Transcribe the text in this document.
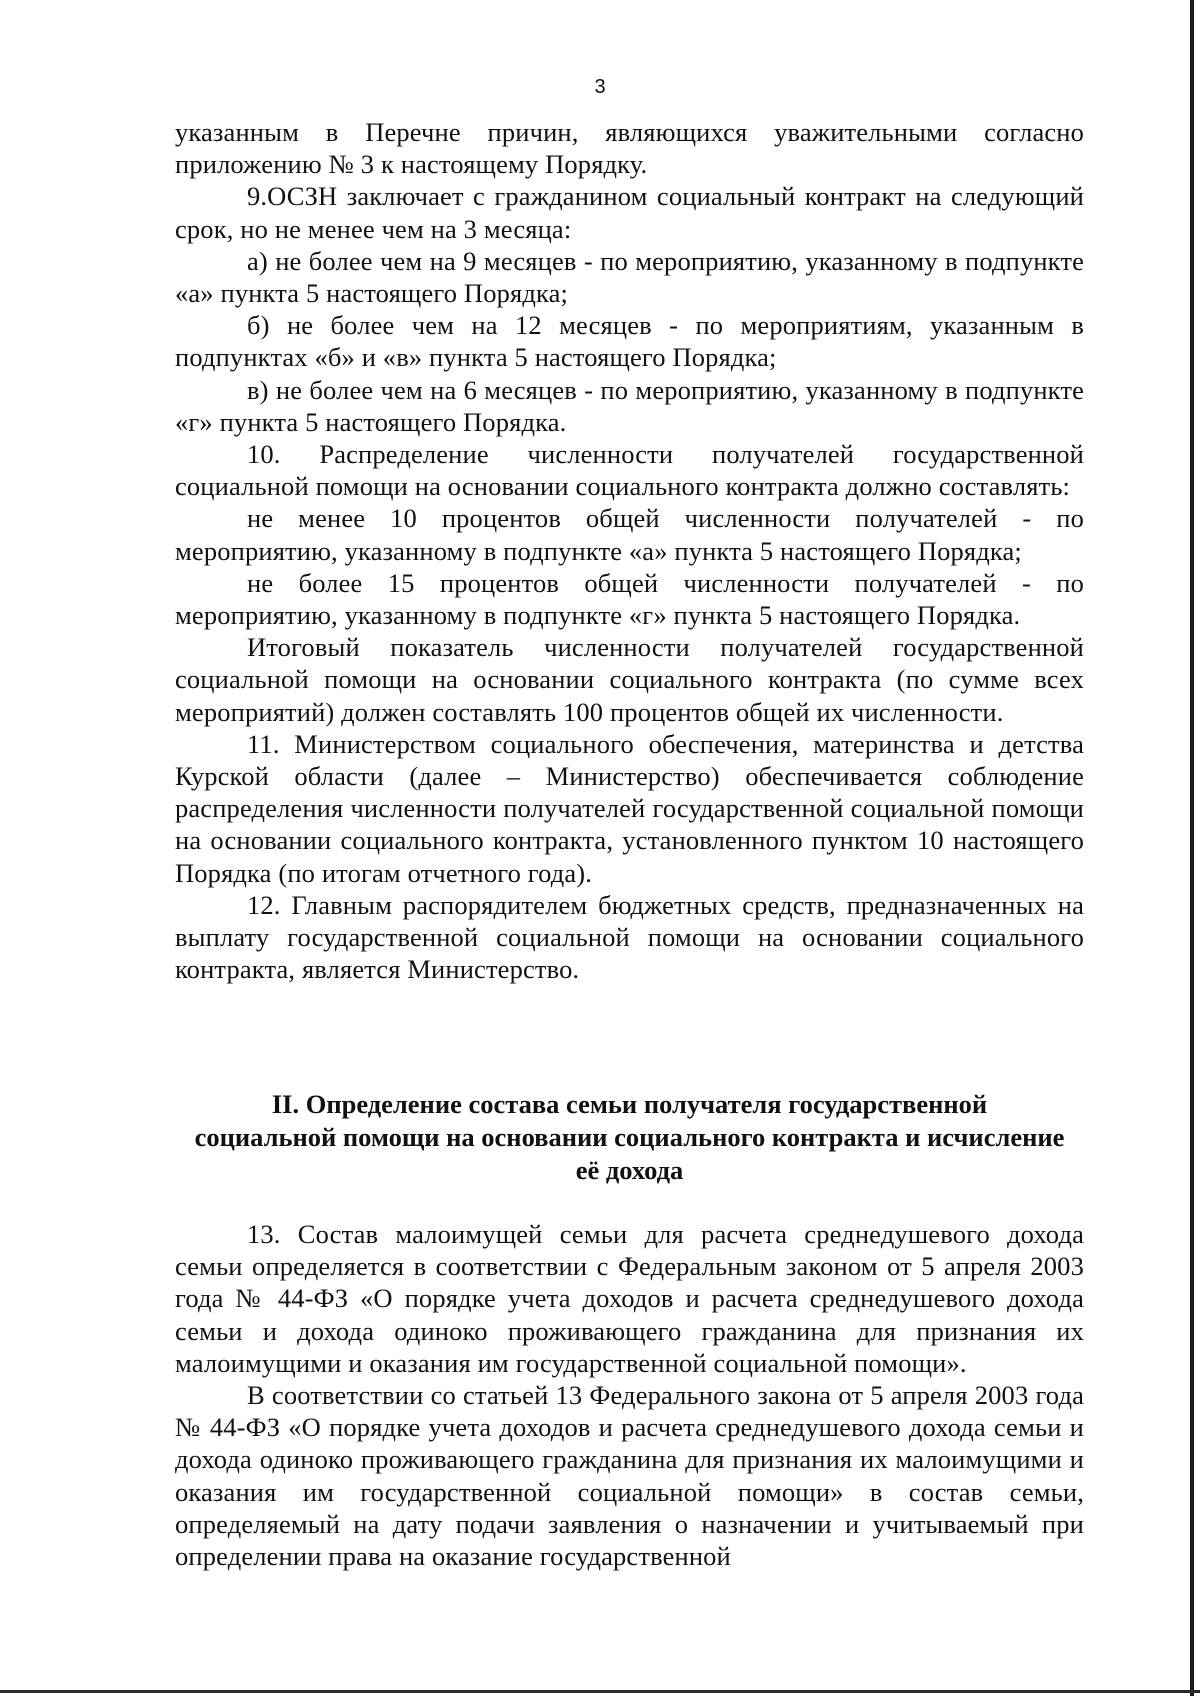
3

указанным в Перечне причин, являющихся уважительными согласно приложению № 3 к настоящему Порядку.

9.ОСЗН заключает с гражданином социальный контракт на следующий срок, но не менее чем на 3 месяца:

а) не более чем на 9 месяцев - по мероприятию, указанному в подпункте «а» пункта 5 настоящего Порядка;

б) не более чем на 12 месяцев - по мероприятиям, указанным в подпунктах «б» и «в» пункта 5 настоящего Порядка;

в) не более чем на 6 месяцев - по мероприятию, указанному в подпункте «г» пункта 5 настоящего Порядка.

10. Распределение численности получателей государственной социальной помощи на основании социального контракта должно составлять:

не менее 10 процентов общей численности получателей - по мероприятию, указанному в подпункте «а» пункта 5 настоящего Порядка;

не более 15 процентов общей численности получателей - по мероприятию, указанному в подпункте «г» пункта 5 настоящего Порядка.

Итоговый показатель численности получателей государственной социальной помощи на основании социального контракта (по сумме всех мероприятий) должен составлять 100 процентов общей их численности.

11. Министерством социального обеспечения, материнства и детства Курской области (далее – Министерство) обеспечивается соблюдение распределения численности получателей государственной социальной помощи на основании социального контракта, установленного пунктом 10 настоящего Порядка (по итогам отчетного года).

12. Главным распорядителем бюджетных средств, предназначенных на выплату государственной социальной помощи на основании социального контракта, является Министерство.

II. Определение состава семьи получателя государственной
социальной помощи на основании социального контракта и исчисление
её дохода

13. Состав малоимущей семьи для расчета среднедушевого дохода семьи определяется в соответствии с Федеральным законом от 5 апреля 2003 года № 44-ФЗ «О порядке учета доходов и расчета среднедушевого дохода семьи и дохода одиноко проживающего гражданина для признания их малоимущими и оказания им государственной социальной помощи».

В соответствии со статьей 13 Федерального закона от 5 апреля 2003 года № 44-ФЗ «О порядке учета доходов и расчета среднедушевого дохода семьи и дохода одиноко проживающего гражданина для признания их малоимущими и оказания им государственной социальной помощи» в состав семьи, определяемый на дату подачи заявления о назначении и учитываемый при определении права на оказание государственной
